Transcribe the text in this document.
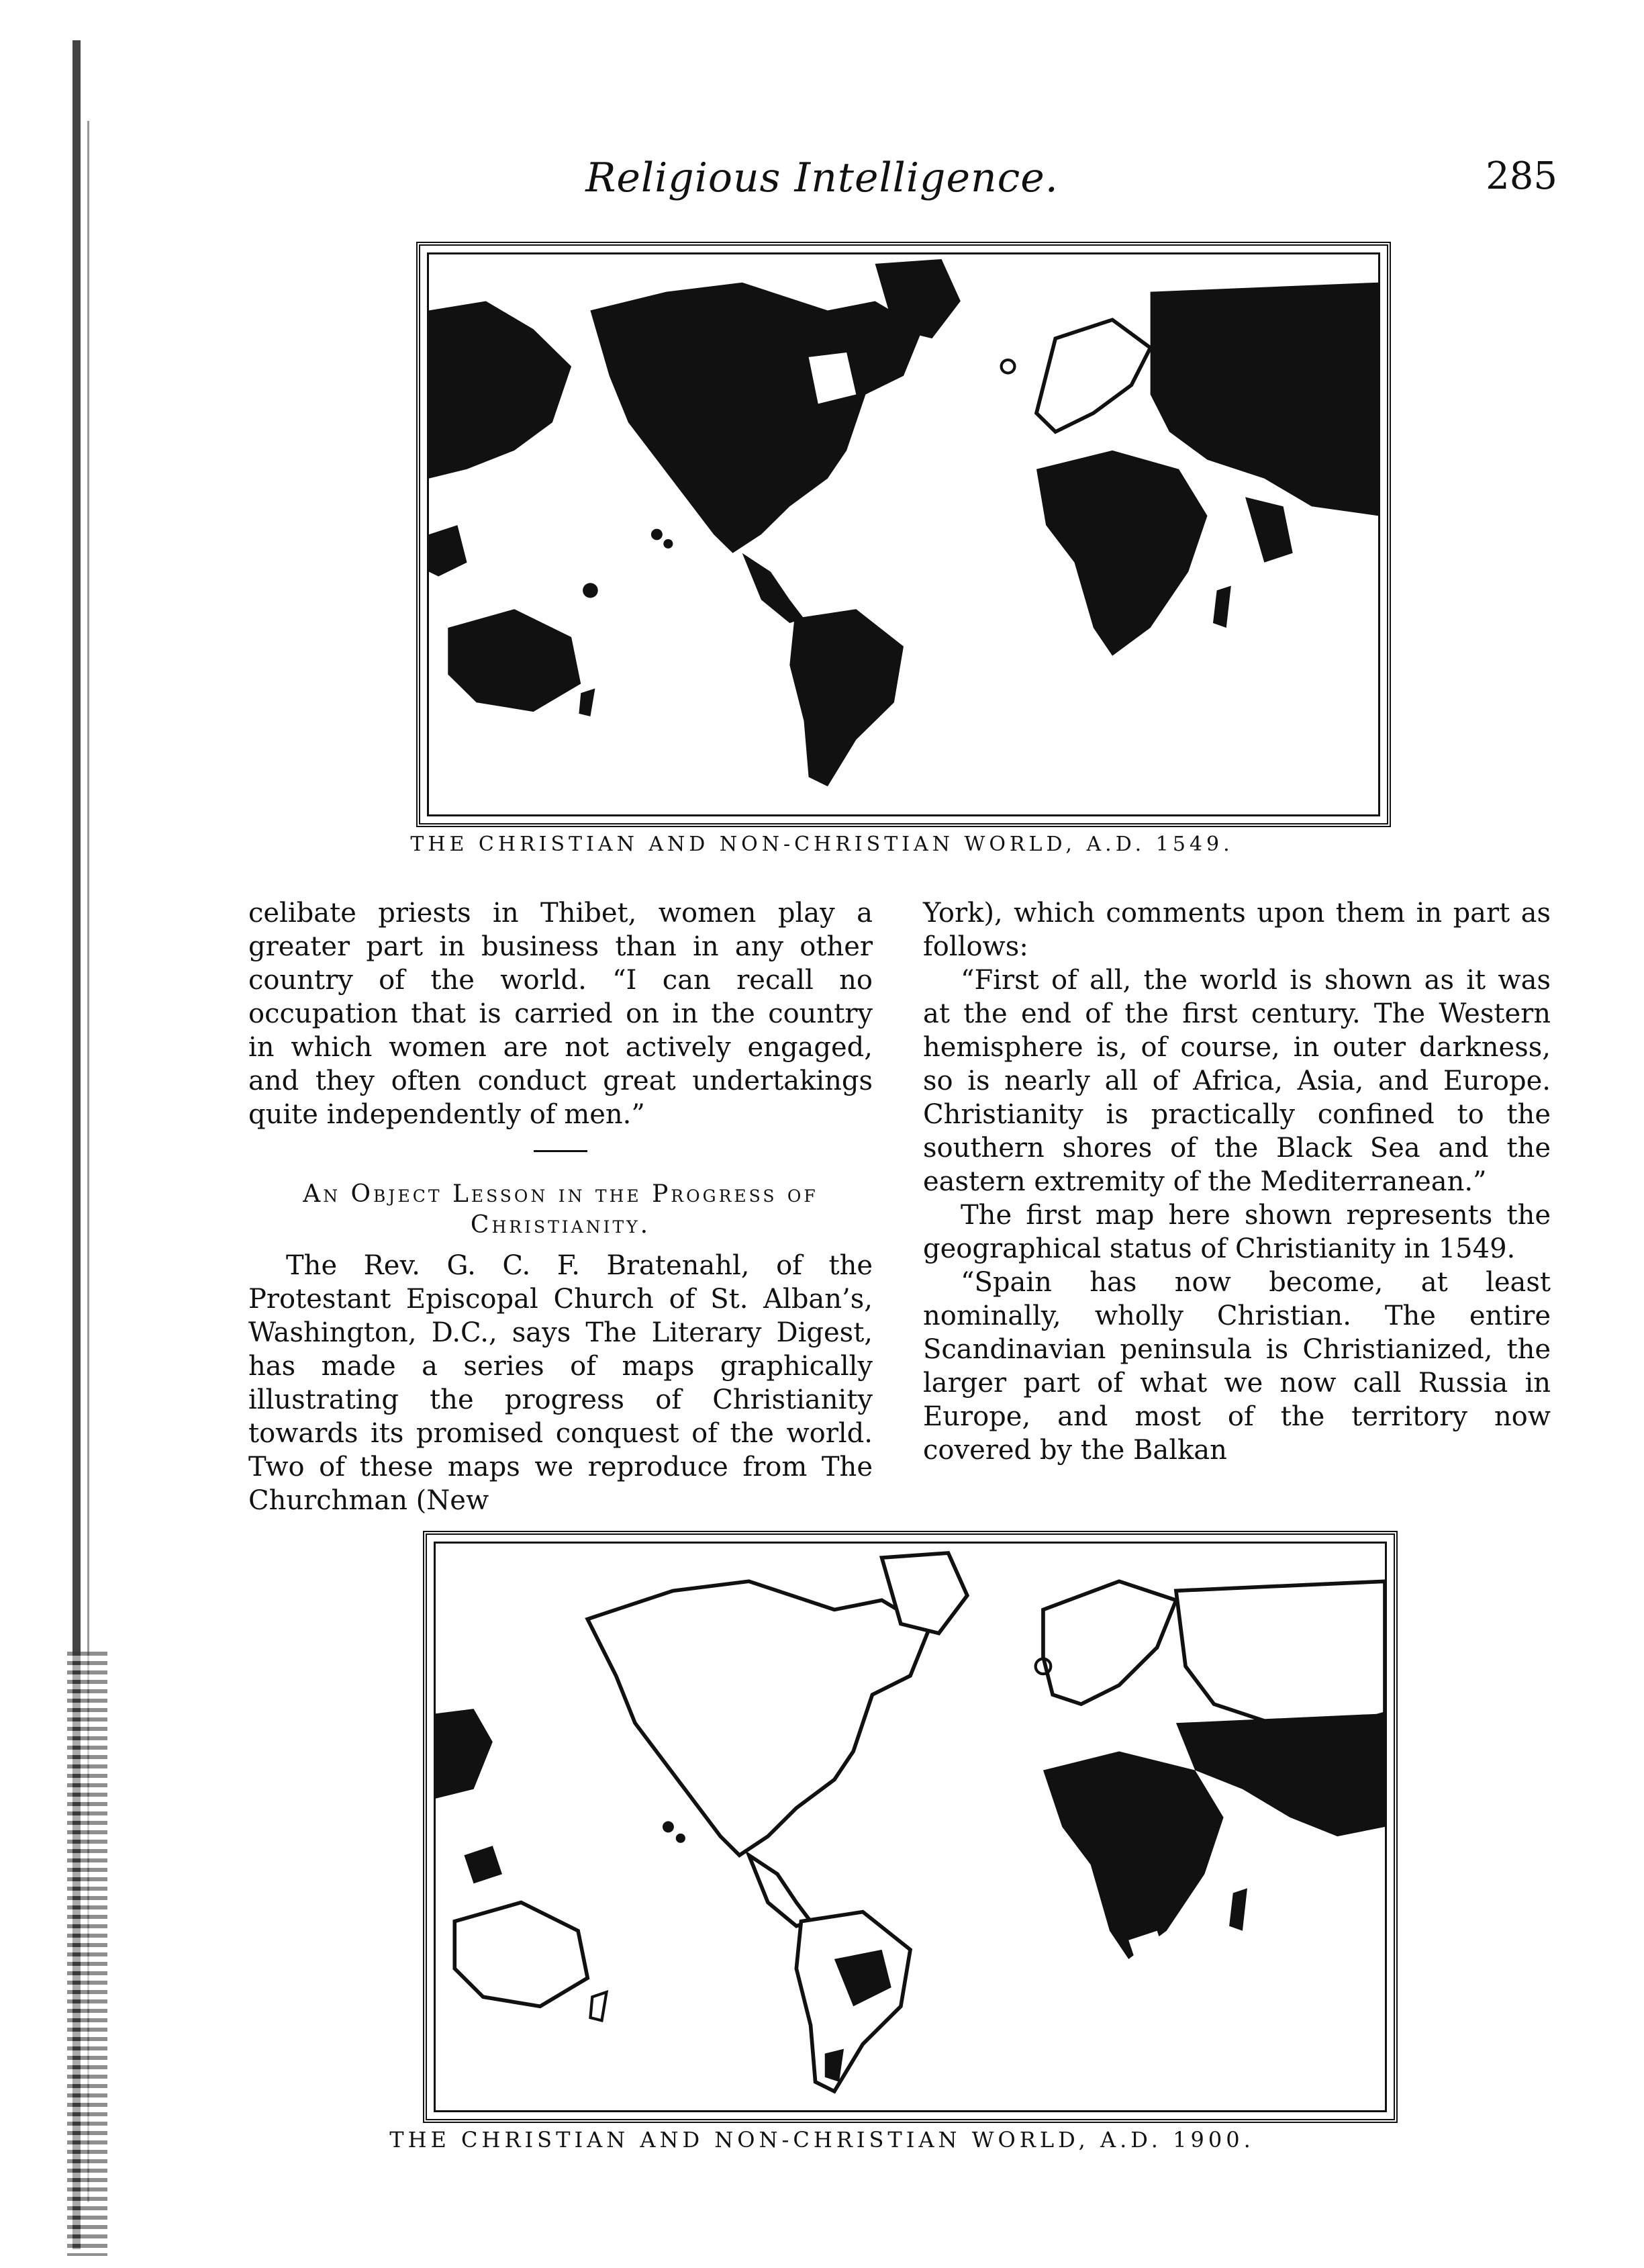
Religious Intelligence.	285
THE CHRISTIAN AND NON-CHRISTIAN WORLD, A.D. 1549.

celibate priests in Thibet, women play a greater part in business than in any other country of the world. “I can recall no occupation that is carried on in the country in which women are not actively engaged, and they often conduct great undertakings quite independently of men.”

An Object Lesson in the Progress of Christianity.

The Rev. G. C. F. Bratenahl, of the Protestant Episcopal Church of St. Alban’s, Washington, D.C., says The Literary Digest, has made a series of maps graphically illustrating the progress of Christianity towards its promised conquest of the world. Two of these maps we reproduce from The Churchman (New

York), which comments upon them in part as follows:

“First of all, the world is shown as it was at the end of the first century. The Western hemisphere is, of course, in outer darkness, so is nearly all of Africa, Asia, and Europe. Christianity is practically confined to the southern shores of the Black Sea and the eastern extremity of the Mediterranean.”

The first map here shown represents the geographical status of Christianity in 1549.

“Spain has now become, at least nominally, wholly Christian. The entire Scandinavian peninsula is Christianized, the larger part of what we now call Russia in Europe, and most of the territory now covered by the Balkan

THE CHRISTIAN AND NON-CHRISTIAN WORLD, A.D. 1900.
